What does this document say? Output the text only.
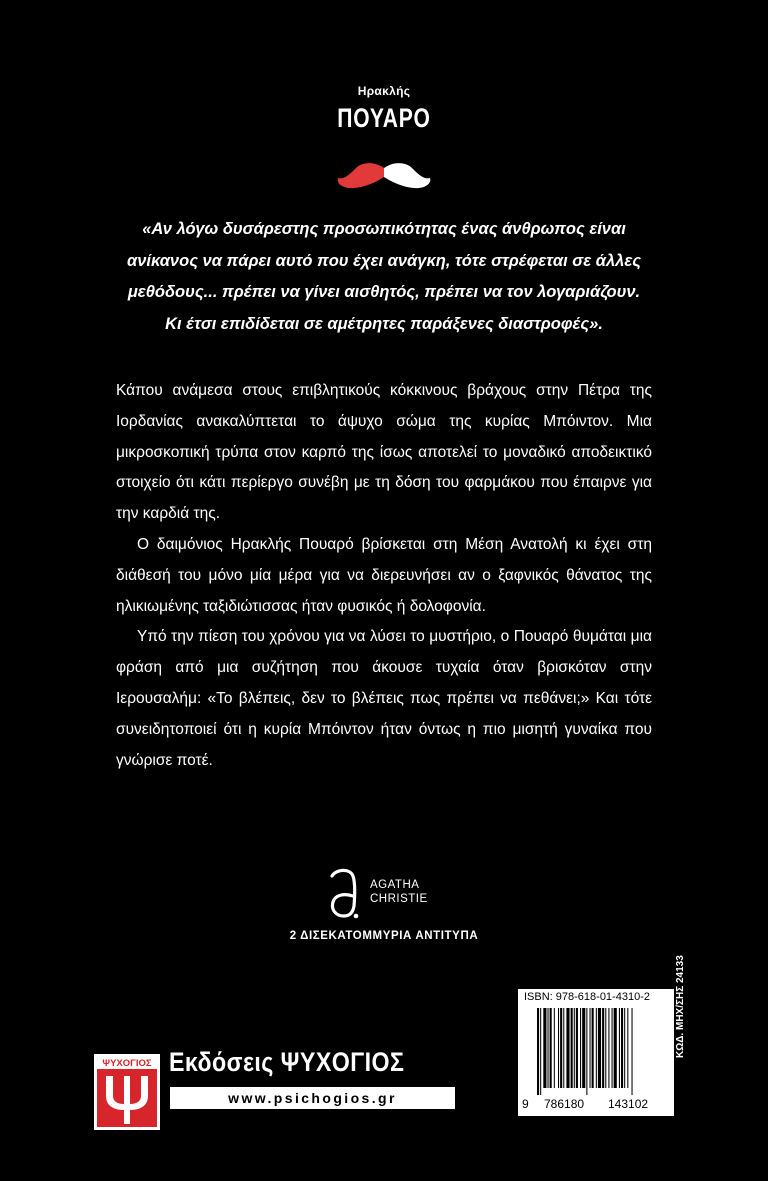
Ηρακλής
ΠΟΥΑΡΟ
«Αν λόγω δυσάρεστης προσωπικότητας ένας άνθρωπος είναι
ανίκανος να πάρει αυτό που έχει ανάγκη, τότε στρέφεται σε άλλες
μεθόδους... πρέπει να γίνει αισθητός, πρέπει να τον λογαριάζουν.
Κι έτσι επιδίδεται σε αμέτρητες παράξενες διαστροφές».

Κάπου ανάμεσα στους επιβλητικούς κόκκινους βράχους στην Πέτρα της Ιορδανίας ανακαλύπτεται το άψυχο σώμα της κυρίας Μπόιντον. Μια μικροσκοπική τρύπα στον καρπό της ίσως αποτελεί το μοναδικό αποδεικτικό στοιχείο ότι κάτι περίεργο συνέβη με τη δόση του φαρμάκου που έπαιρνε για την καρδιά της.

Ο δαιμόνιος Ηρακλής Πουαρό βρίσκεται στη Μέση Ανατολή κι έχει στη διάθεσή του μόνο μία μέρα για να διερευνήσει αν ο ξαφνικός θάνατος της ηλικιωμένης ταξιδιώτισσας ήταν φυσικός ή δολοφονία.

Υπό την πίεση του χρόνου για να λύσει το μυστήριο, ο Πουαρό θυμάται μια φράση από μια συζήτηση που άκουσε τυχαία όταν βρισκόταν στην Ιερουσαλήμ: «Το βλέπεις, δεν το βλέπεις πως πρέπει να πεθάνει;» Και τότε συνειδητοποιεί ότι η κυρία Μπόιντον ήταν όντως η πιο μισητή γυναίκα που γνώρισε ποτέ.

AGATHA
CHRISTIE
2 ΔΙΣΕΚΑΤΟΜΜΥΡΙΑ ΑΝΤΙΤΥΠΑ
ΨΥΧΟΓΙΟΣ Εκδόσεις ΨΥΧΟΓΙΟΣ
www.psichogios.gr
ISBN: 978-618-01-4310-2
9 786180 143102
ΚΩΔ. ΜΗΧ/ΣΗΣ 24133
